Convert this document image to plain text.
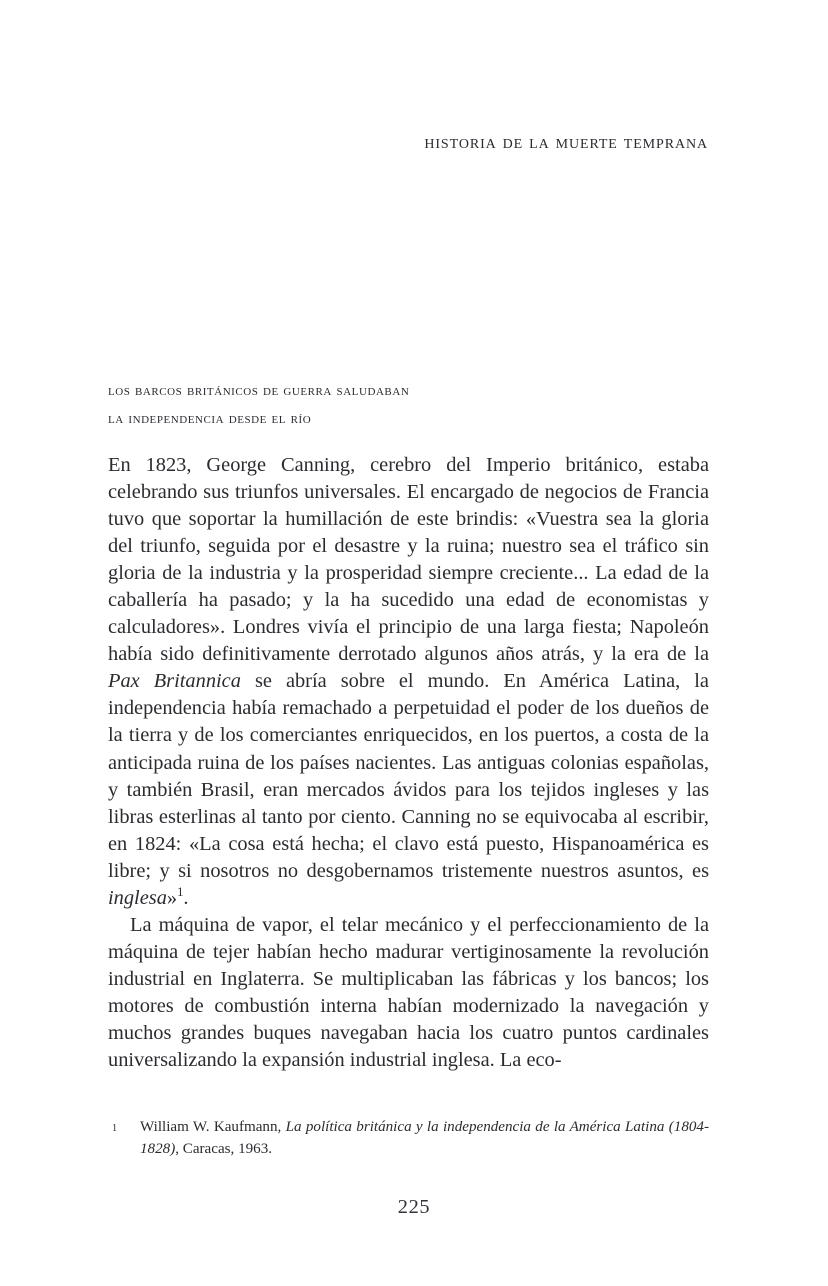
historia de la muerte temprana
los barcos británicos de guerra saludaban
la independencia desde el río

En 1823, George Canning, cerebro del Imperio británico, estaba celebrando sus triunfos universales. El encargado de negocios de Francia tuvo que soportar la humillación de este brindis: «Vuestra sea la gloria del triunfo, seguida por el desastre y la ruina; nuestro sea el tráfico sin gloria de la industria y la prosperidad siempre creciente... La edad de la caballería ha pasado; y la ha sucedido una edad de economistas y calculadores». Londres vivía el principio de una larga fiesta; Napoleón había sido definitivamente derrotado algunos años atrás, y la era de la Pax Britannica se abría sobre el mundo. En América Latina, la independencia había remachado a perpetuidad el poder de los dueños de la tierra y de los comerciantes enriquecidos, en los puertos, a costa de la anticipada ruina de los países nacientes. Las antiguas colonias españolas, y también Brasil, eran mercados ávidos para los tejidos ingleses y las libras esterlinas al tanto por ciento. Canning no se equivocaba al escribir, en 1824: «La cosa está hecha; el clavo está puesto, Hispanoamérica es libre; y si nosotros no desgobernamos tristemente nuestros asuntos, es inglesa»$^1$.

La máquina de vapor, el telar mecánico y el perfeccionamiento de la máquina de tejer habían hecho madurar vertiginosamente la revolución industrial en Inglaterra. Se multiplicaban las fábricas y los bancos; los motores de combustión interna habían modernizado la navegación y muchos grandes buques navegaban hacia los cuatro puntos cardinales universalizando la expansión industrial inglesa. La eco-

1 William W. Kaufmann, La política británica y la independencia de la América Latina (1804-1828), Caracas, 1963.
225
